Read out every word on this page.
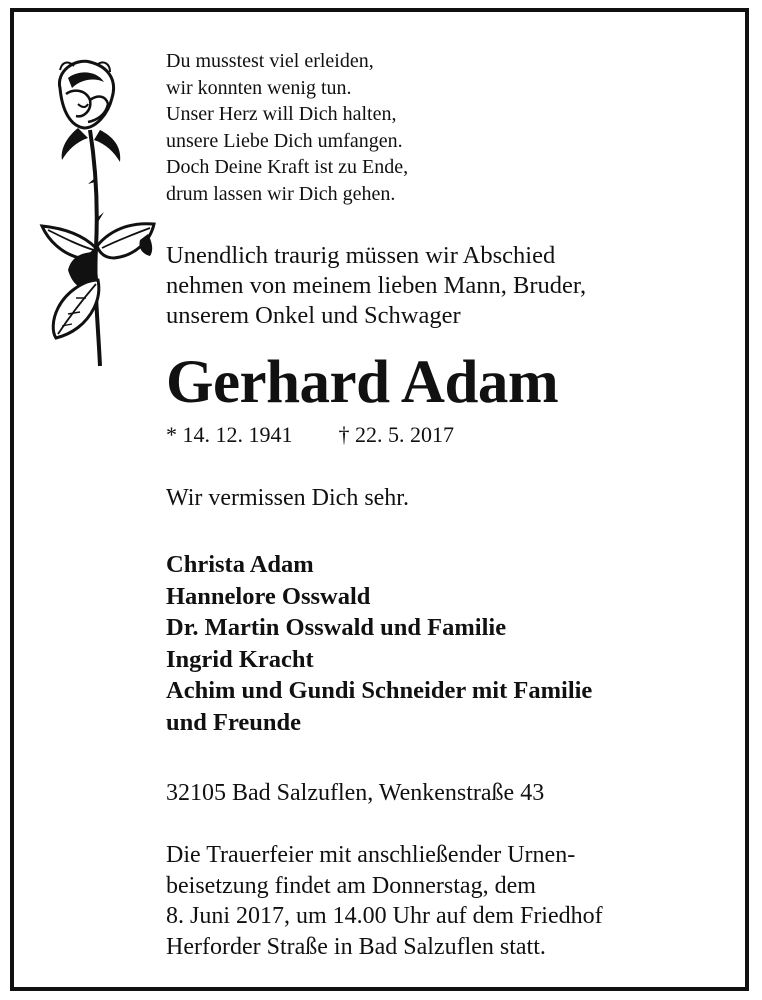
Du musstest viel erleiden,
wir konnten wenig tun.
Unser Herz will Dich halten,
unsere Liebe Dich umfangen.
Doch Deine Kraft ist zu Ende,
drum lassen wir Dich gehen.
Unendlich traurig müssen wir Abschied
nehmen von meinem lieben Mann, Bruder,
unserem Onkel und Schwager
Gerhard Adam
* 14. 12. 1941 † 22. 5. 2017
Wir vermissen Dich sehr.
Christa Adam
Hannelore Osswald
Dr. Martin Osswald und Familie
Ingrid Kracht
Achim und Gundi Schneider mit Familie
und Freunde
32105 Bad Salzuflen, Wenkenstraße 43
Die Trauerfeier mit anschließender Urnen-
beisetzung findet am Donnerstag, dem
8. Juni 2017, um 14.00 Uhr auf dem Friedhof
Herforder Straße in Bad Salzuflen statt.
